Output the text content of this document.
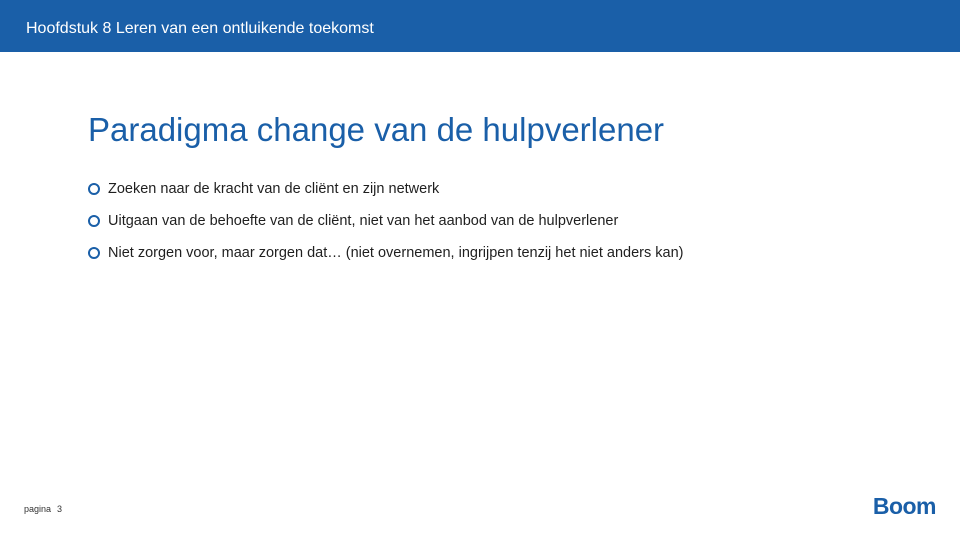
Hoofdstuk 8 Leren van een ontluikende toekomst
Paradigma change van de hulpverlener
Zoeken naar de kracht van de cliënt en zijn netwerk
Uitgaan van de behoefte van de cliënt, niet van het aanbod van de hulpverlener
Niet zorgen voor, maar zorgen dat… (niet overnemen, ingrijpen tenzij het niet anders kan)
pagina 3	Boom
